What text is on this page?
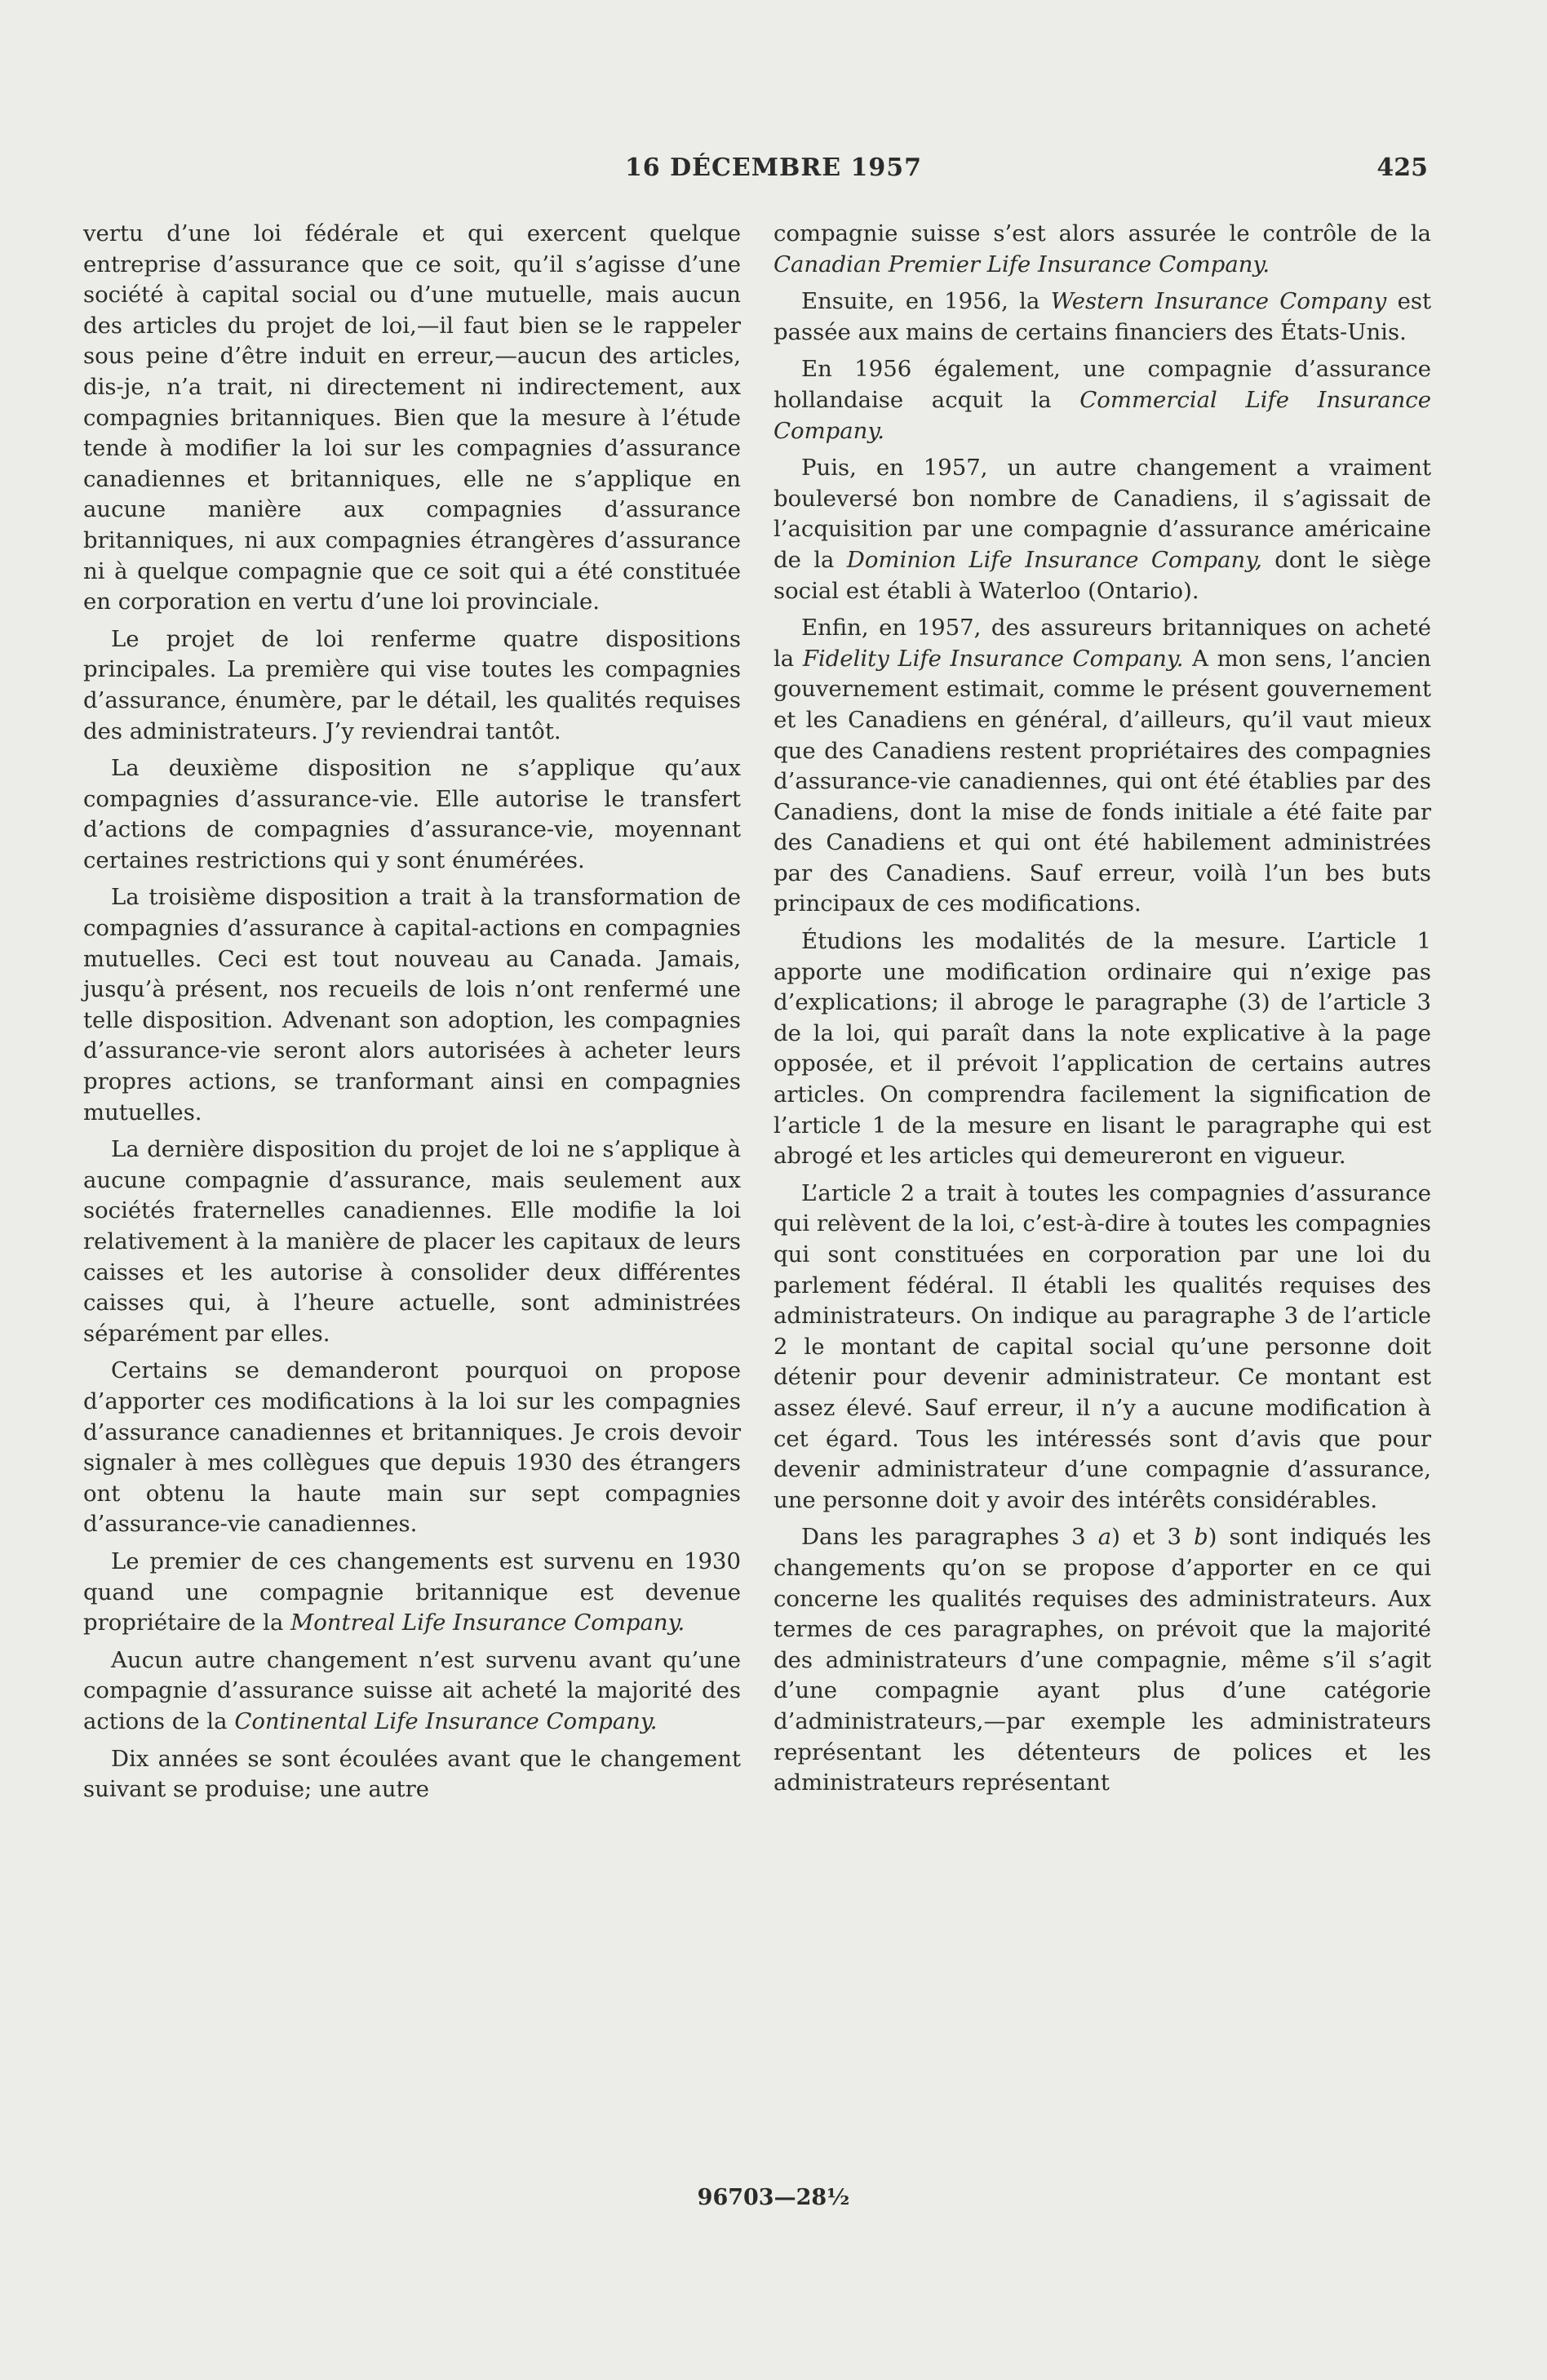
16 DÉCEMBRE 1957	425

vertu d’une loi fédérale et qui exercent quelque entreprise d’assurance que ce soit, qu’il s’agisse d’une société à capital social ou d’une mutuelle, mais aucun des articles du projet de loi,—il faut bien se le rappeler sous peine d’être induit en erreur,—aucun des articles, dis-je, n’a trait, ni directement ni indirectement, aux compagnies britanniques. Bien que la mesure à l’étude tende à modifier la loi sur les compagnies d’assurance canadiennes et britanniques, elle ne s’applique en aucune manière aux compagnies d’assurance britanniques, ni aux compagnies étrangères d’assurance ni à quelque compagnie que ce soit qui a été constituée en corporation en vertu d’une loi provinciale.

Le projet de loi renferme quatre dispositions principales. La première qui vise toutes les compagnies d’assurance, énumère, par le détail, les qualités requises des administrateurs. J’y reviendrai tantôt.

La deuxième disposition ne s’applique qu’aux compagnies d’assurance-vie. Elle autorise le transfert d’actions de compagnies d’assurance-vie, moyennant certaines restrictions qui y sont énumérées.

La troisième disposition a trait à la transformation de compagnies d’assurance à capital-actions en compagnies mutuelles. Ceci est tout nouveau au Canada. Jamais, jusqu’à présent, nos recueils de lois n’ont renfermé une telle disposition. Advenant son adoption, les compagnies d’assurance-vie seront alors autorisées à acheter leurs propres actions, se tranformant ainsi en compagnies mutuelles.

La dernière disposition du projet de loi ne s’applique à aucune compagnie d’assurance, mais seulement aux sociétés fraternelles canadiennes. Elle modifie la loi relativement à la manière de placer les capitaux de leurs caisses et les autorise à consolider deux différentes caisses qui, à l’heure actuelle, sont administrées séparément par elles.

Certains se demanderont pourquoi on propose d’apporter ces modifications à la loi sur les compagnies d’assurance canadiennes et britanniques. Je crois devoir signaler à mes collègues que depuis 1930 des étrangers ont obtenu la haute main sur sept compagnies d’assurance-vie canadiennes.

Le premier de ces changements est survenu en 1930 quand une compagnie britannique est devenue propriétaire de la Montreal Life Insurance Company.

Aucun autre changement n’est survenu avant qu’une compagnie d’assurance suisse ait acheté la majorité des actions de la Continental Life Insurance Company.

Dix années se sont écoulées avant que le changement suivant se produise; une autre

compagnie suisse s’est alors assurée le contrôle de la Canadian Premier Life Insurance Company.

Ensuite, en 1956, la Western Insurance Company est passée aux mains de certains financiers des États-Unis.

En 1956 également, une compagnie d’assurance hollandaise acquit la Commercial Life Insurance Company.

Puis, en 1957, un autre changement a vraiment bouleversé bon nombre de Canadiens, il s’agissait de l’acquisition par une compagnie d’assurance américaine de la Dominion Life Insurance Company, dont le siège social est établi à Waterloo (Ontario).

Enfin, en 1957, des assureurs britanniques on acheté la Fidelity Life Insurance Company. A mon sens, l’ancien gouvernement estimait, comme le présent gouvernement et les Canadiens en général, d’ailleurs, qu’il vaut mieux que des Canadiens restent propriétaires des compagnies d’assurance-vie canadiennes, qui ont été établies par des Canadiens, dont la mise de fonds initiale a été faite par des Canadiens et qui ont été habilement administrées par des Canadiens. Sauf erreur, voilà l’un bes buts principaux de ces modifications.

Étudions les modalités de la mesure. L’article 1 apporte une modification ordinaire qui n’exige pas d’explications; il abroge le paragraphe (3) de l’article 3 de la loi, qui paraît dans la note explicative à la page opposée, et il prévoit l’application de certains autres articles. On comprendra facilement la signification de l’article 1 de la mesure en lisant le paragraphe qui est abrogé et les articles qui demeureront en vigueur.

L’article 2 a trait à toutes les compagnies d’assurance qui relèvent de la loi, c’est-à-dire à toutes les compagnies qui sont constituées en corporation par une loi du parlement fédéral. Il établi les qualités requises des administrateurs. On indique au paragraphe 3 de l’article 2 le montant de capital social qu’une personne doit détenir pour devenir administrateur. Ce montant est assez élevé. Sauf erreur, il n’y a aucune modification à cet égard. Tous les intéressés sont d’avis que pour devenir administrateur d’une compagnie d’assurance, une personne doit y avoir des intérêts considérables.

Dans les paragraphes 3 a) et 3 b) sont indiqués les changements qu’on se propose d’apporter en ce qui concerne les qualités requises des administrateurs. Aux termes de ces paragraphes, on prévoit que la majorité des administrateurs d’une compagnie, même s’il s’agit d’une compagnie ayant plus d’une catégorie d’administrateurs,—par exemple les administrateurs représentant les détenteurs de polices et les administrateurs représentant

96703—28½
